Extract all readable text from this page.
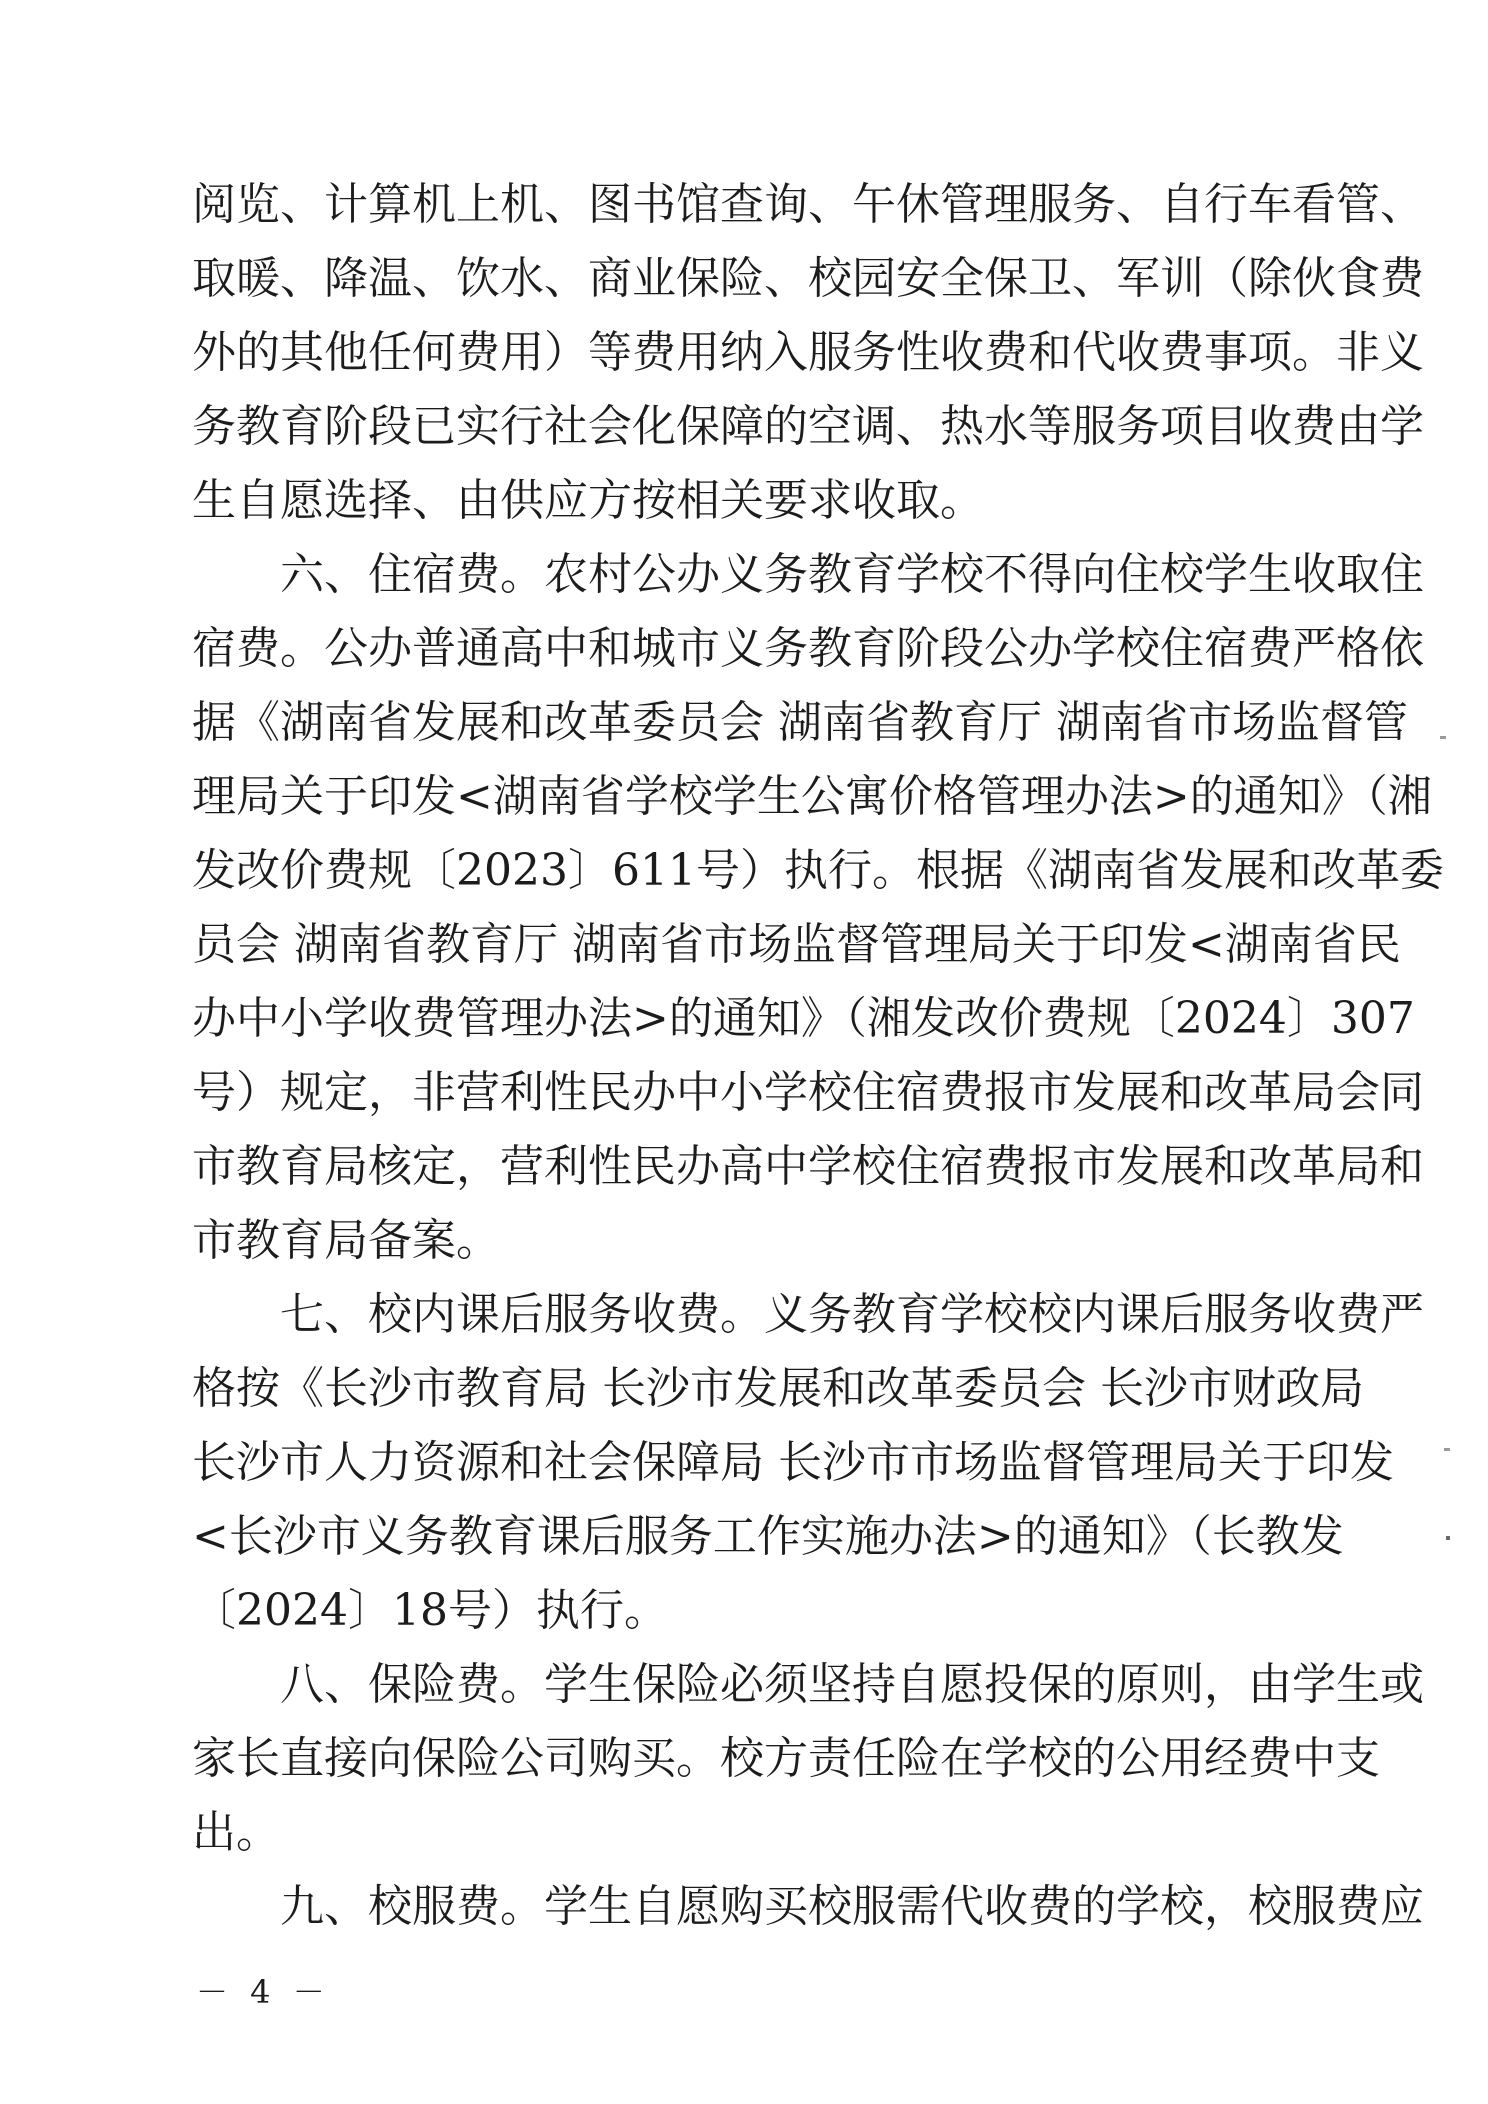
阅览、计算机上机、图书馆查询、午休管理服务、自行车看管、
取暖、降温、饮水、商业保险、校园安全保卫、军训（除伙食费
外的其他任何费用）等费用纳入服务性收费和代收费事项。非义
务教育阶段已实行社会化保障的空调、热水等服务项目收费由学
生自愿选择、由供应方按相关要求收取。
六、住宿费。农村公办义务教育学校不得向住校学生收取住
宿费。公办普通高中和城市义务教育阶段公办学校住宿费严格依
据《湖南省发展和改革委员会 湖南省教育厅 湖南省市场监督管
理局关于印发<湖南省学校学生公寓价格管理办法>的通知》（湘
发改价费规〔2023〕611号）执行。根据《湖南省发展和改革委
员会 湖南省教育厅 湖南省市场监督管理局关于印发<湖南省民
办中小学收费管理办法>的通知》（湘发改价费规〔2024〕307
号）规定，非营利性民办中小学校住宿费报市发展和改革局会同
市教育局核定，营利性民办高中学校住宿费报市发展和改革局和
市教育局备案。
七、校内课后服务收费。义务教育学校校内课后服务收费严
格按《长沙市教育局 长沙市发展和改革委员会 长沙市财政局
长沙市人力资源和社会保障局 长沙市市场监督管理局关于印发
<长沙市义务教育课后服务工作实施办法>的通知》（长教发
〔2024〕18号）执行。
八、保险费。学生保险必须坚持自愿投保的原则，由学生或
家长直接向保险公司购买。校方责任险在学校的公用经费中支
出。
九、校服费。学生自愿购买校服需代收费的学校，校服费应
－ 4 －
